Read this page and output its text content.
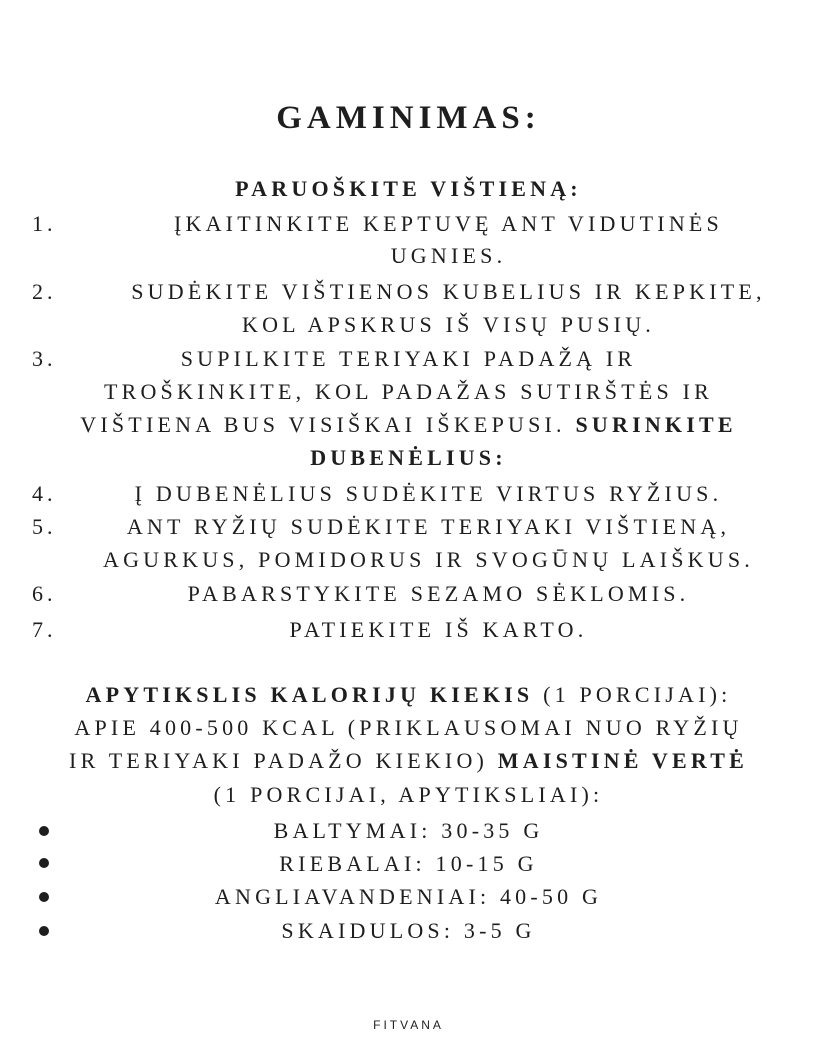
GAMINIMAS:
PARUOŠKITE VIŠTIENĄ:
1.	ĮKAITINKITE KEPTUVĘ ANT VIDUTINĖS
UGNIES.
2.	SUDĖKITE VIŠTIENOS KUBELIUS IR KEPKITE,
KOL APSKRUS IŠ VISŲ PUSIŲ.
3.	SUPILKITE TERIYAKI PADAŽĄ IR
TROŠKINKITE, KOL PADAŽAS SUTIRŠTĖS IR
VIŠTIENA BUS VISIŠKAI IŠKEPUSI. SURINKITE
DUBENĖLIUS:
4.	Į DUBENĖLIUS SUDĖKITE VIRTUS RYŽIUS.
5.	ANT RYŽIŲ SUDĖKITE TERIYAKI VIŠTIENĄ,
AGURKUS, POMIDORUS IR SVOGŪNŲ LAIŠKUS.
6.	PABARSTYKITE SEZAMO SĖKLOMIS.
7.	PATIEKITE IŠ KARTO.
APYTIKSLIS KALORIJŲ KIEKIS (1 PORCIJAI):
APIE 400-500 KCAL (PRIKLAUSOMAI NUO RYŽIŲ
IR TERIYAKI PADAŽO KIEKIO) MAISTINĖ VERTĖ
(1 PORCIJAI, APYTIKSLIAI):
BALTYMAI: 30-35 G
RIEBALAI: 10-15 G
ANGLIAVANDENIAI: 40-50 G
SKAIDULOS: 3-5 G
FITVANA
